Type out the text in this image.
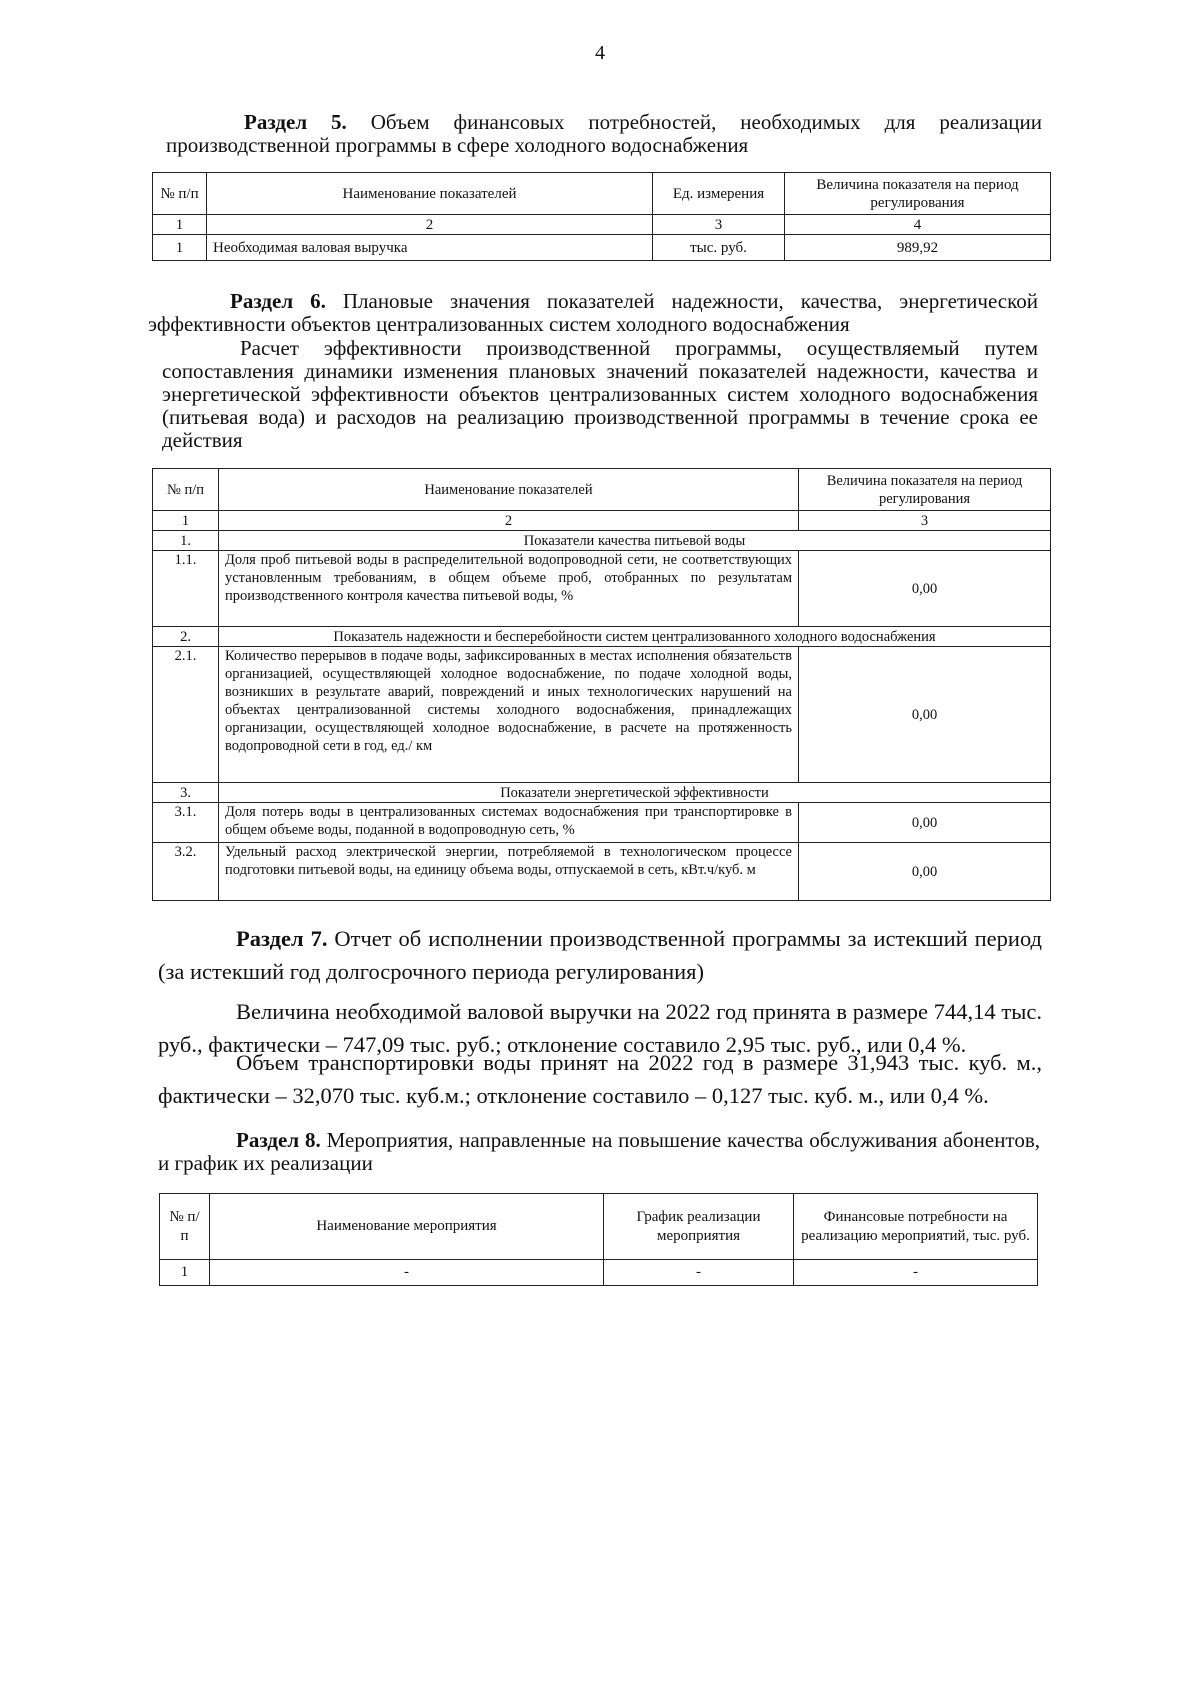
4
Раздел 5. Объем финансовых потребностей, необходимых для реализации производственной программы в сфере холодного водоснабжения
№ п/п	Наименование показателей	Ед. измерения	Величина показателя на период регулирования
1	2	3	4
1	Необходимая валовая выручка	тыс. руб.	989,92
Раздел 6. Плановые значения показателей надежности, качества, энергетической эффективности объектов централизованных систем холодного водоснабжения
Расчет эффективности производственной программы, осуществляемый путем сопоставления динамики изменения плановых значений показателей надежности, качества и энергетической эффективности объектов централизованных систем холодного водоснабжения (питьевая вода) и расходов на реализацию производственной программы в течение срока ее действия
№ п/п	Наименование показателей	Величина показателя на период регулирования
1	2	3
1.	Показатели качества питьевой воды	
1.1.	Доля проб питьевой воды в распределительной водопроводной сети, не соответствующих установленным требованиям, в общем объеме проб, отобранных по результатам производственного контроля качества питьевой воды, %	0,00
2.	Показатель надежности и бесперебойности систем централизованного холодного водоснабжения	
2.1.	Количество перерывов в подаче воды, зафиксированных в местах исполнения обязательств организацией, осуществляющей холодное водоснабжение, по подаче холодной воды, возникших в результате аварий, повреждений и иных технологических нарушений на объектах централизованной системы холодного водоснабжения, принадлежащих организации, осуществляющей холодное водоснабжение, в расчете на протяженность водопроводной сети в год, ед./ км	0,00
3.	Показатели энергетической эффективности	
3.1.	Доля потерь воды в централизованных системах водоснабжения при транспортировке в общем объеме воды, поданной в водопроводную сеть, %	0,00
3.2.	Удельный расход электрической энергии, потребляемой в технологическом процессе подготовки питьевой воды, на единицу объема воды, отпускаемой в сеть, кВт.ч/куб. м	0,00
Раздел 7. Отчет об исполнении производственной программы за истекший период (за истекший год долгосрочного периода регулирования)
Величина необходимой валовой выручки на 2022 год принята в размере 744,14 тыс. руб., фактически – 747,09 тыс. руб.; отклонение составило 2,95 тыс. руб., или 0,4 %.
Объем транспортировки воды принят на 2022 год в размере 31,943 тыс. куб. м., фактически – 32,070 тыс. куб.м.; отклонение составило – 0,127 тыс. куб. м., или 0,4 %.
Раздел 8. Мероприятия, направленные на повышение качества обслуживания абонентов, и график их реализации
№ п/п	Наименование мероприятия	График реализации мероприятия	Финансовые потребности на реализацию мероприятий, тыс. руб.
1	-	-	-
